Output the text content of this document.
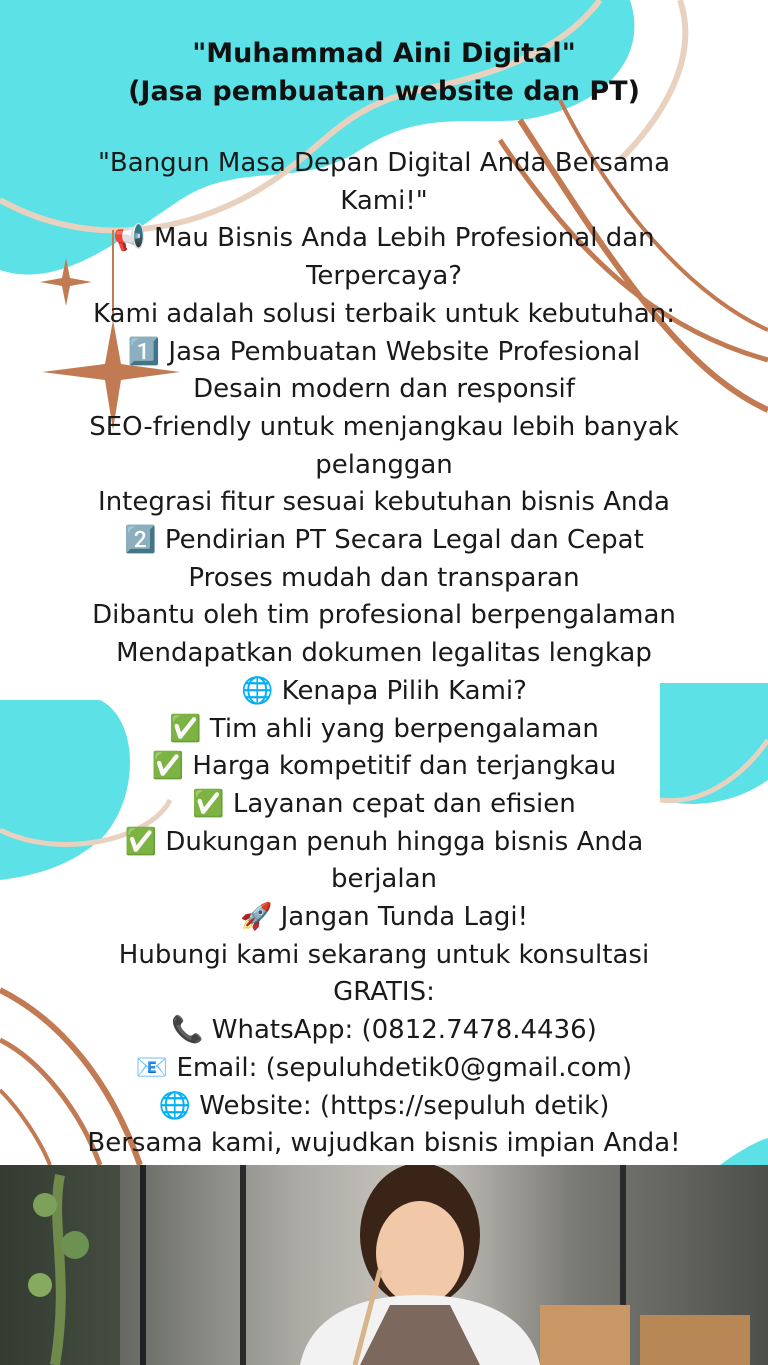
"Muhammad Aini Digital"
(Jasa pembuatan website dan PT)
"Bangun Masa Depan Digital Anda Bersama
Kami!"
📢 Mau Bisnis Anda Lebih Profesional dan
Terpercaya?
Kami adalah solusi terbaik untuk kebutuhan:
1️⃣ Jasa Pembuatan Website Profesional
Desain modern dan responsif
SEO-friendly untuk menjangkau lebih banyak
pelanggan
Integrasi fitur sesuai kebutuhan bisnis Anda
2️⃣ Pendirian PT Secara Legal dan Cepat
Proses mudah dan transparan
Dibantu oleh tim profesional berpengalaman
Mendapatkan dokumen legalitas lengkap
🌐 Kenapa Pilih Kami?
✅ Tim ahli yang berpengalaman
✅ Harga kompetitif dan terjangkau
✅ Layanan cepat dan efisien
✅ Dukungan penuh hingga bisnis Anda
berjalan
🚀 Jangan Tunda Lagi!
Hubungi kami sekarang untuk konsultasi
GRATIS:
📞 WhatsApp: (0812.7478.4436)
📧 Email: (sepuluhdetik0@gmail.com)
🌐 Website: (https://sepuluh detik)
Bersama kami, wujudkan bisnis impian Anda!
